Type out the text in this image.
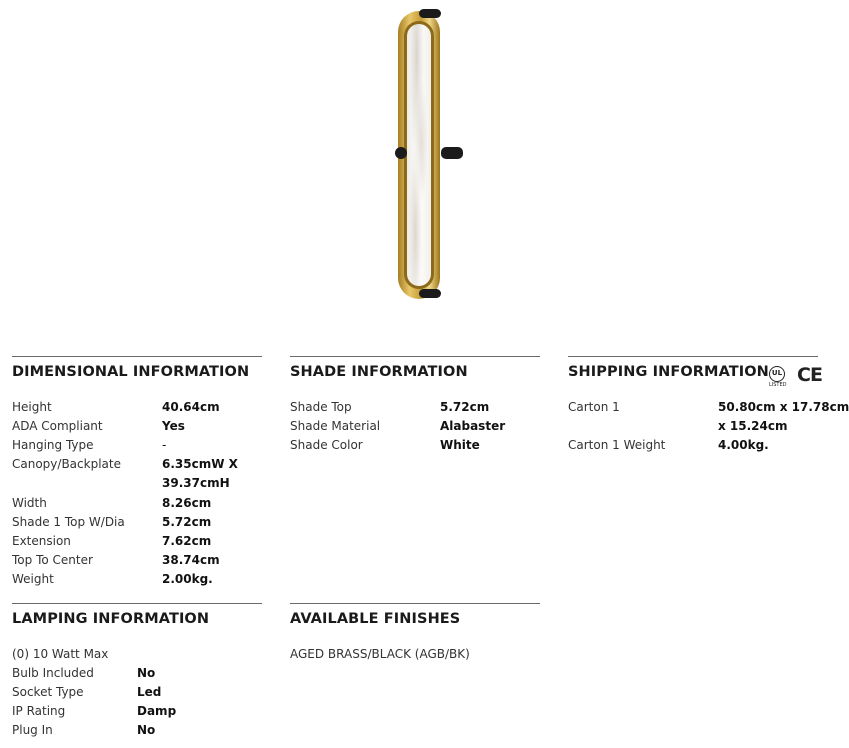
DIMENSIONAL INFORMATION
Height	40.64cm
ADA Compliant	Yes
Hanging Type	-
Canopy/Backplate	6.35cmW X
39.37cmH
Width	8.26cm
Shade 1 Top W/Dia	5.72cm
Extension	7.62cm
Top To Center	38.74cm
Weight	2.00kg.
SHADE INFORMATION
Shade Top	5.72cm
Shade Material	Alabaster
Shade Color	White
SHIPPING INFORMATION UL
LISTED CE
Carton 1	50.80cm x 17.78cm
x 15.24cm
Carton 1 Weight	4.00kg.
LAMPING INFORMATION
(0) 10 Watt Max
Bulb Included	No
Socket Type	Led
IP Rating	Damp
Plug In	No
AVAILABLE FINISHES
AGED BRASS/BLACK (AGB/BK)
